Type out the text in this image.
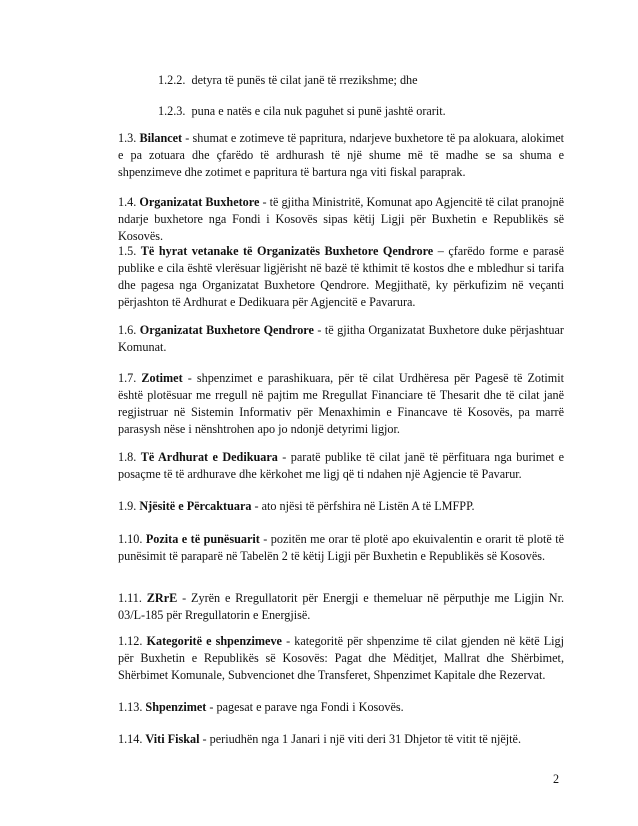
1.2.2. detyra të punës të cilat janë të rrezikshme; dhe
1.2.3. puna e natës e cila nuk paguhet si punë jashtë orarit.
1.3. Bilancet - shumat e zotimeve të papritura, ndarjeve buxhetore të pa alokuara, alokimet e pa zotuara dhe çfarëdo të ardhurash të një shume më të madhe se sa shuma e shpenzimeve dhe zotimet e papritura të bartura nga viti fiskal paraprak.
1.4. Organizatat Buxhetore - të gjitha Ministritë, Komunat apo Agjencitë të cilat pranojnë ndarje buxhetore nga Fondi i Kosovës sipas këtij Ligji për Buxhetin e Republikës së Kosovës.
1.5. Të hyrat vetanake të Organizatës Buxhetore Qendrore – çfarëdo forme e parasë publike e cila është vlerësuar ligjërisht në bazë të kthimit të kostos dhe e mbledhur si tarifa dhe pagesa nga Organizatat Buxhetore Qendrore. Megjithatë, ky përkufizim në veçanti përjashton të Ardhurat e Dedikuara për Agjencitë e Pavarura.
1.6. Organizatat Buxhetore Qendrore - të gjitha Organizatat Buxhetore duke përjashtuar Komunat.
1.7. Zotimet - shpenzimet e parashikuara, për të cilat Urdhëresa për Pagesë të Zotimit është plotësuar me rregull në pajtim me Rregullat Financiare të Thesarit dhe të cilat janë regjistruar në Sistemin Informativ për Menaxhimin e Financave të Kosovës, pa marrë parasysh nëse i nënshtrohen apo jo ndonjë detyrimi ligjor.
1.8. Të Ardhurat e Dedikuara - paratë publike të cilat janë të përfituara nga burimet e posaçme të të ardhurave dhe kërkohet me ligj që ti ndahen një Agjencie të Pavarur.
1.9. Njësitë e Përcaktuara - ato njësi të përfshira në Listën A të LMFPP.
1.10. Pozita e të punësuarit - pozitën me orar të plotë apo ekuivalentin e orarit të plotë të punësimit të paraparë në Tabelën 2 të këtij Ligji për Buxhetin e Republikës së Kosovës.
1.11. ZRrE - Zyrën e Rregullatorit për Energji e themeluar në përputhje me Ligjin Nr. 03/L-185 për Rregullatorin e Energjisë.
1.12. Kategoritë e shpenzimeve - kategoritë për shpenzime të cilat gjenden në këtë Ligj për Buxhetin e Republikës së Kosovës: Pagat dhe Mëditjet, Mallrat dhe Shërbimet, Shërbimet Komunale, Subvencionet dhe Transferet, Shpenzimet Kapitale dhe Rezervat.
1.13. Shpenzimet - pagesat e parave nga Fondi i Kosovës.
1.14. Viti Fiskal - periudhën nga 1 Janari i një viti deri 31 Dhjetor të vitit të njëjtë.
2
